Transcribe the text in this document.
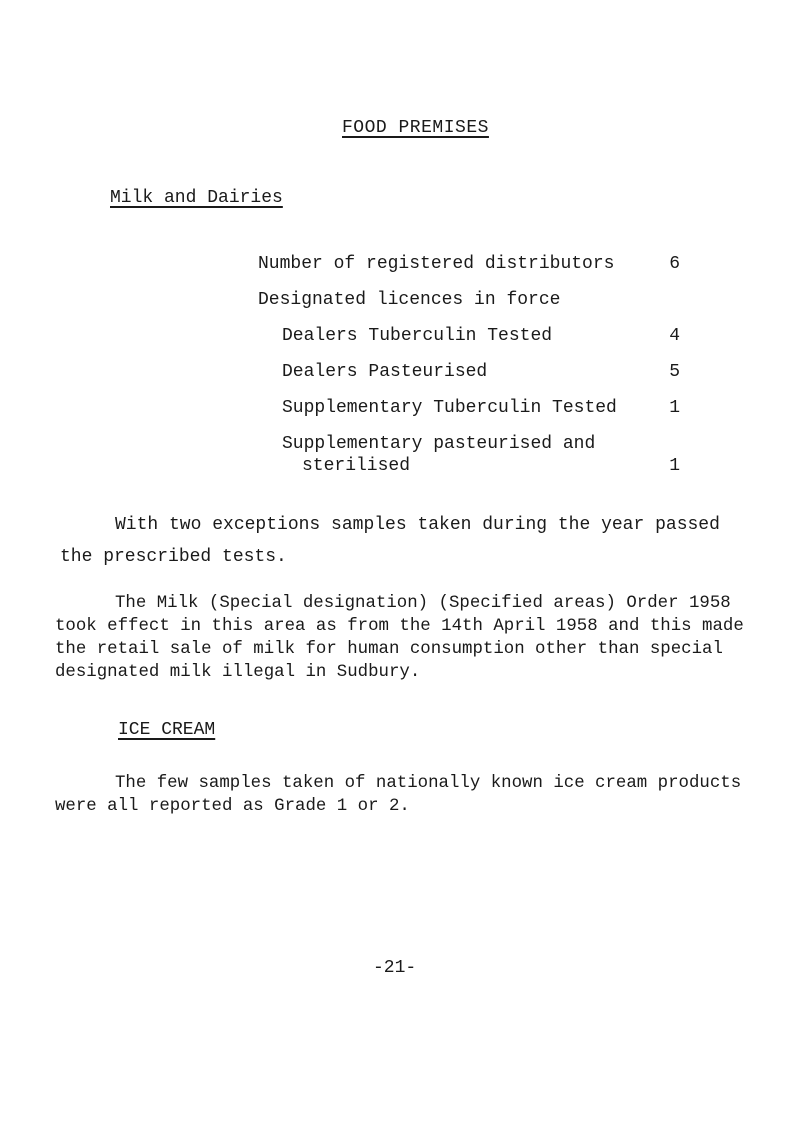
FOOD PREMISES
Milk and Dairies
Number of registered distributors	6
Designated licences in force
Dealers Tuberculin Tested	4
Dealers Pasteurised	5
Supplementary Tuberculin Tested	1
Supplementary pasteurised and
sterilised	1
With two exceptions samples taken during the year passed
the prescribed tests.
The Milk (Special designation) (Specified areas) Order 1958
took effect in this area as from the 14th April 1958 and this made
the retail sale of milk for human consumption other than special
designated milk illegal in Sudbury.
ICE CREAM
The few samples taken of nationally known ice cream products
were all reported as Grade 1 or 2.
-21-
